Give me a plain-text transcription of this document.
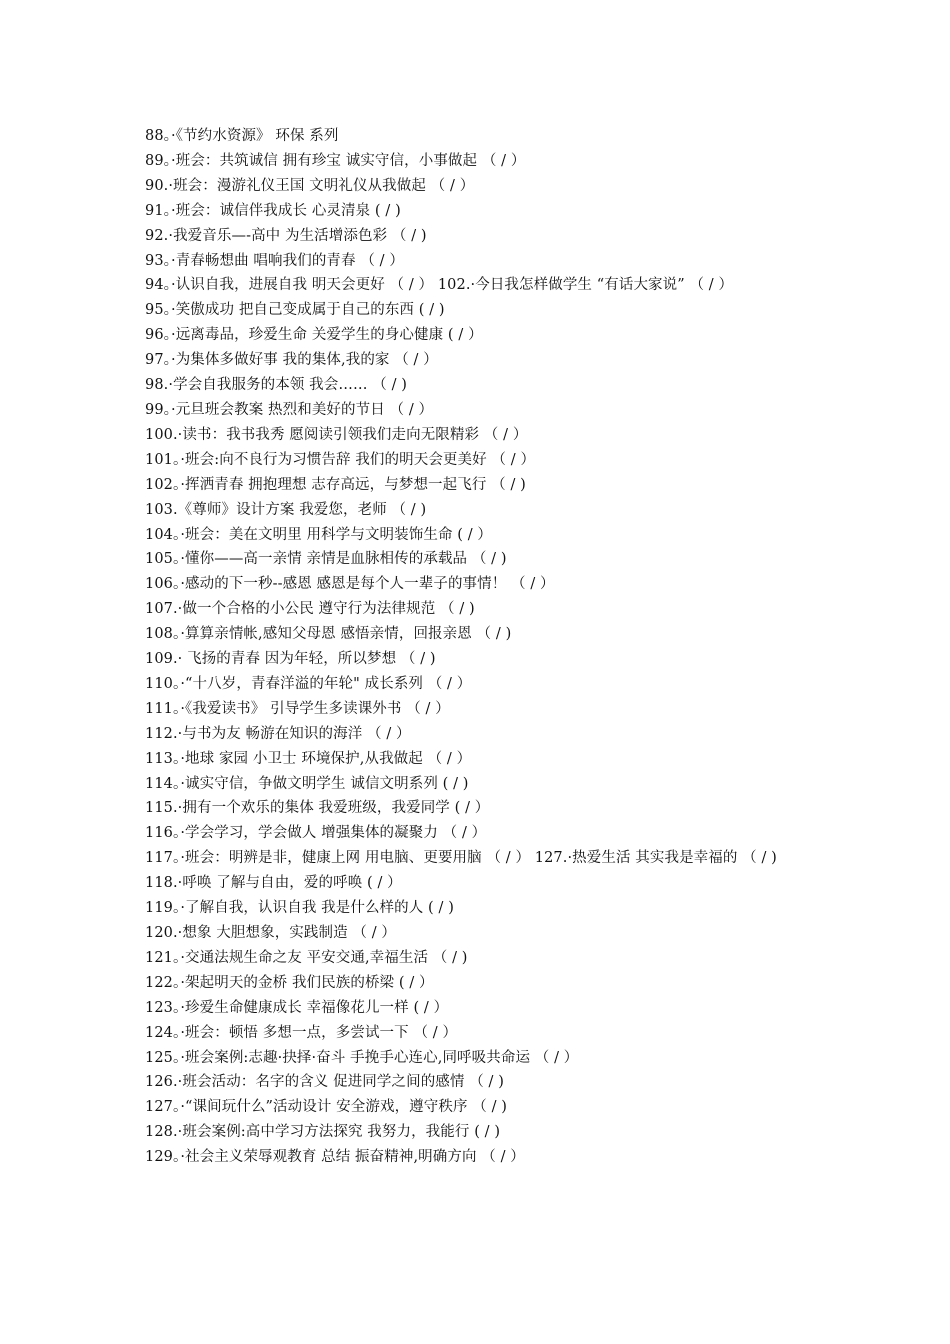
88。·《节约水资源》 环保 系列
89。·班会：共筑诚信 拥有珍宝 诚实守信，小事做起 （ / ）
90.·班会：漫游礼仪王国 文明礼仪从我做起 （ / ）
91。·班会：诚信伴我成长 心灵清泉 ( / )
92.·我爱音乐—-高中 为生活增添色彩 （ / )
93。·青春畅想曲 唱响我们的青春 （ / ）
94。·认识自我，进展自我 明天会更好 （ / ） 102.·今日我怎样做学生 “有话大家说” （ / ）
95。·笑傲成功 把自己变成属于自己的东西 ( / )
96。·远离毒品，珍爱生命 关爱学生的身心健康 ( / ）
97。·为集体多做好事 我的集体,我的家 （ / ）
98.·学会自我服务的本领 我会…… （ / )
99。·元旦班会教案 热烈和美好的节日 （ / ）
100.·读书：我书我秀 愿阅读引领我们走向无限精彩 （ / ）
101。·班会:向不良行为习惯告辞 我们的明天会更美好 （ / ）
102。·挥洒青春 拥抱理想 志存高远，与梦想一起飞行 （ / )
103.《尊师》设计方案 我爱您，老师 （ / )
104。·班会：美在文明里 用科学与文明装饰生命 ( / ）
105。·懂你——高一亲情 亲情是血脉相传的承载品 （ / )
106。·感动的下一秒--感恩 感恩是每个人一辈子的事情！ （ / ）
107.·做一个合格的小公民 遵守行为法律规范 （ / )
108。·算算亲情帐,感知父母恩 感悟亲情，回报亲恩 （ / )
109.· 飞扬的青春 因为年轻，所以梦想 （ / )
110。·“十八岁，青春洋溢的年轮" 成长系列 （ / ）
111。·《我爱读书》 引导学生多读课外书 （ / ）
112.·与书为友 畅游在知识的海洋 （ / ）
113。·地球 家园 小卫士 环境保护,从我做起 （ / ）
114。·诚实守信，争做文明学生 诚信文明系列 ( / )
115.·拥有一个欢乐的集体 我爱班级，我爱同学 ( / ）
116。·学会学习，学会做人 增强集体的凝聚力 （ / ）
117。·班会：明辨是非，健康上网 用电脑、更要用脑 （ / ） 127.·热爱生活 其实我是幸福的 （ / )
118.·呼唤 了解与自由，爱的呼唤 ( / ）
119。·了解自我，认识自我 我是什么样的人 ( / )
120.·想象 大胆想象，实践制造 （ / ）
121。·交通法规生命之友 平安交通,幸福生活 （ / )
122。·架起明天的金桥 我们民族的桥梁 ( / ）
123。·珍爱生命健康成长 幸福像花儿一样 ( / ）
124。·班会：顿悟 多想一点，多尝试一下 （ / ）
125。·班会案例:志趣·抉择·奋斗 手挽手心连心,同呼吸共命运 （ / ）
126.·班会活动：名字的含义 促进同学之间的感情 （ / )
127。·“课间玩什么”活动设计 安全游戏，遵守秩序 （ / )
128.·班会案例:高中学习方法探究 我努力，我能行 ( / )
129。·社会主义荣辱观教育 总结 振奋精神,明确方向 （ / ）
